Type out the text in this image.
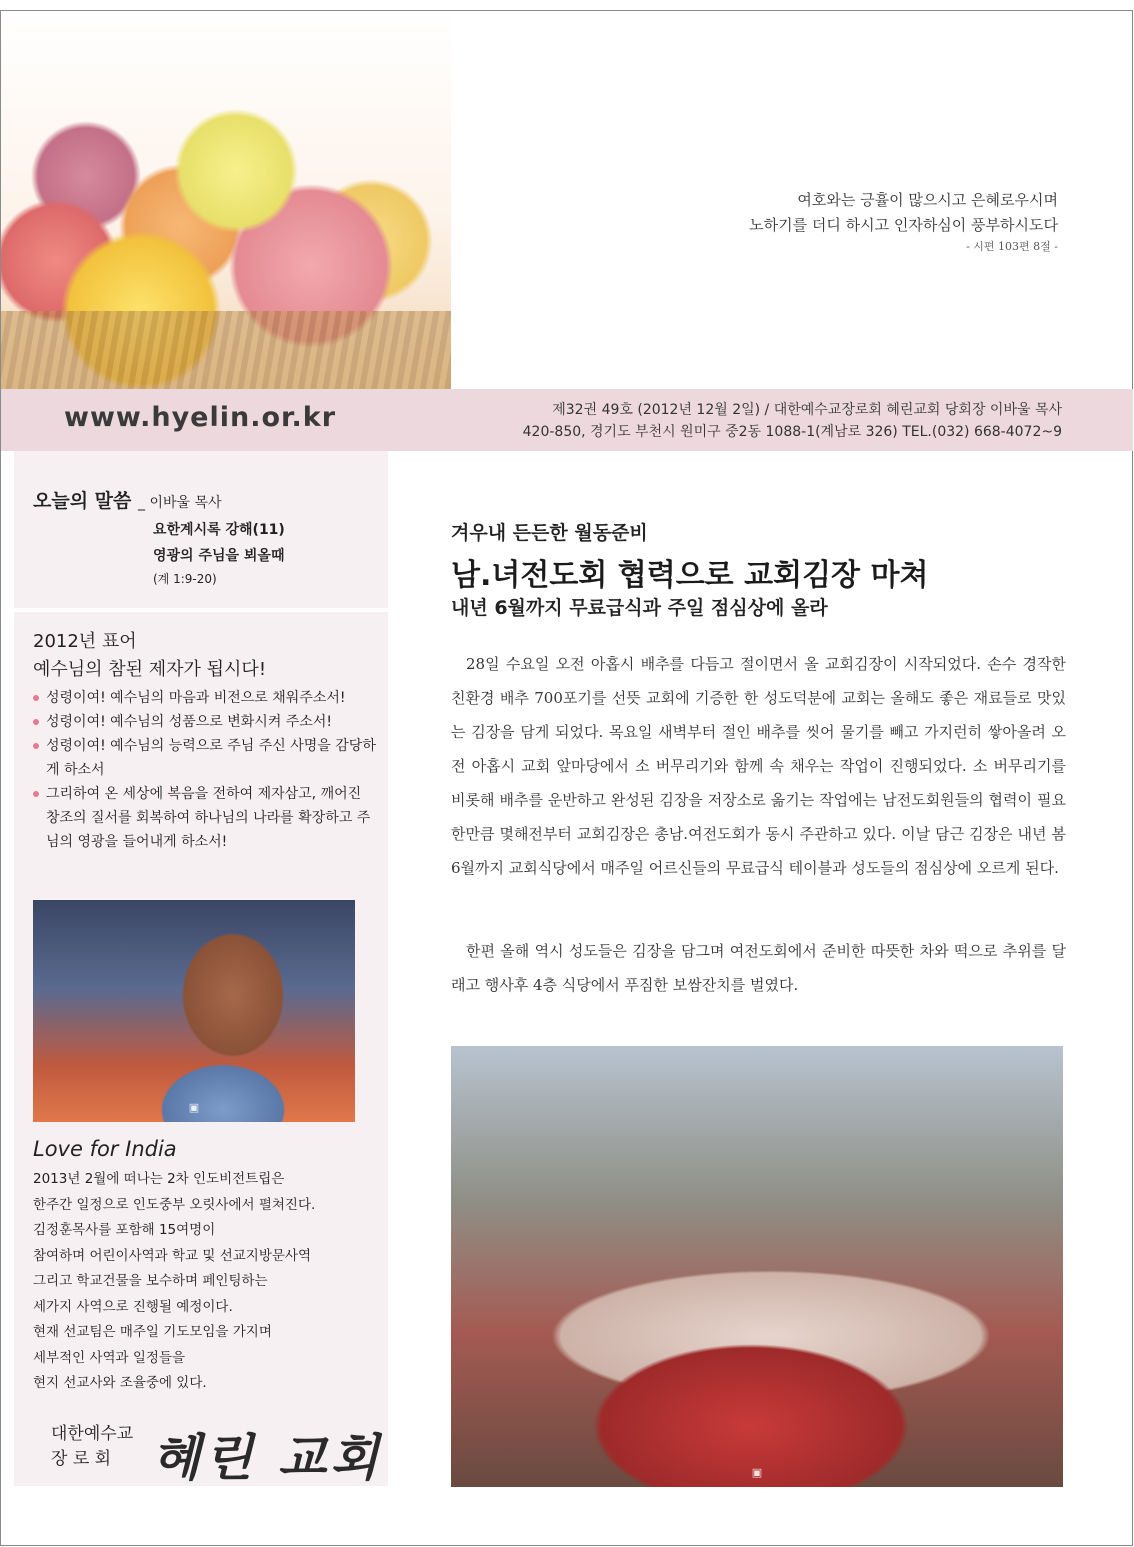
여호와는 긍휼이 많으시고 은혜로우시며
노하기를 더디 하시고 인자하심이 풍부하시도다
- 시편 103편 8절 -
www.hyelin.or.kr	제32권 49호 (2012년 12월 2일) / 대한예수교장로회 혜린교회 당회장 이바울 목사
420-850, 경기도 부천시 원미구 중2동 1088-1(계남로 326) TEL.(032) 668-4072~9
오늘의 말씀 _ 이바울 목사
요한계시록 강해(11)
영광의 주님을 뵈올때
(계 1:9-20)
2012년 표어
예수님의 참된 제자가 됩시다!
성령이여! 예수님의 마음과 비전으로 채워주소서!
성령이여! 예수님의 성품으로 변화시켜 주소서!
성령이여! 예수님의 능력으로 주님 주신 사명을 감당하게 하소서
그리하여 온 세상에 복음을 전하여 제자삼고, 깨어진 창조의 질서를 회복하여 하나님의 나라를 확장하고 주님의 영광을 들어내게 하소서!
▣
Love for India
2013년 2월에 떠나는 2차 인도비전트립은
한주간 일정으로 인도중부 오릿사에서 펼쳐진다.
김정훈목사를 포함해 15여명이
참여하며 어린이사역과 학교 및 선교지방문사역
그리고 학교건물을 보수하며 페인팅하는
세가지 사역으로 진행될 예정이다.
현재 선교팀은 매주일 기도모임을 가지며
세부적인 사역과 일정들을
현지 선교사와 조율중에 있다.
대한예수교
장 로 회 혜린 교회
겨우내 든든한 월동준비
남.녀전도회 협력으로 교회김장 마쳐
내년 6월까지 무료급식과 주일 점심상에 올라

28일 수요일 오전 아홉시 배추를 다듬고 절이면서 올 교회김장이 시작되었다. 손수 경작한 친환경 배추 700포기를 선뜻 교회에 기증한 한 성도덕분에 교회는 올해도 좋은 재료들로 맛있는 김장을 담게 되었다. 목요일 새벽부터 절인 배추를 씻어 물기를 빼고 가지런히 쌓아올려 오전 아홉시 교회 앞마당에서 소 버무리기와 함께 속 채우는 작업이 진행되었다. 소 버무리기를 비롯해 배추를 운반하고 완성된 김장을 저장소로 옮기는 작업에는 남전도회원들의 협력이 필요한만큼 몇해전부터 교회김장은 총남.여전도회가 동시 주관하고 있다. 이날 담근 김장은 내년 봄 6월까지 교회식당에서 매주일 어르신들의 무료급식 테이블과 성도들의 점심상에 오르게 된다.

한편 올해 역시 성도들은 김장을 담그며 여전도회에서 준비한 따뜻한 차와 떡으로 추위를 달래고 행사후 4층 식당에서 푸짐한 보쌈잔치를 벌였다.

▣
